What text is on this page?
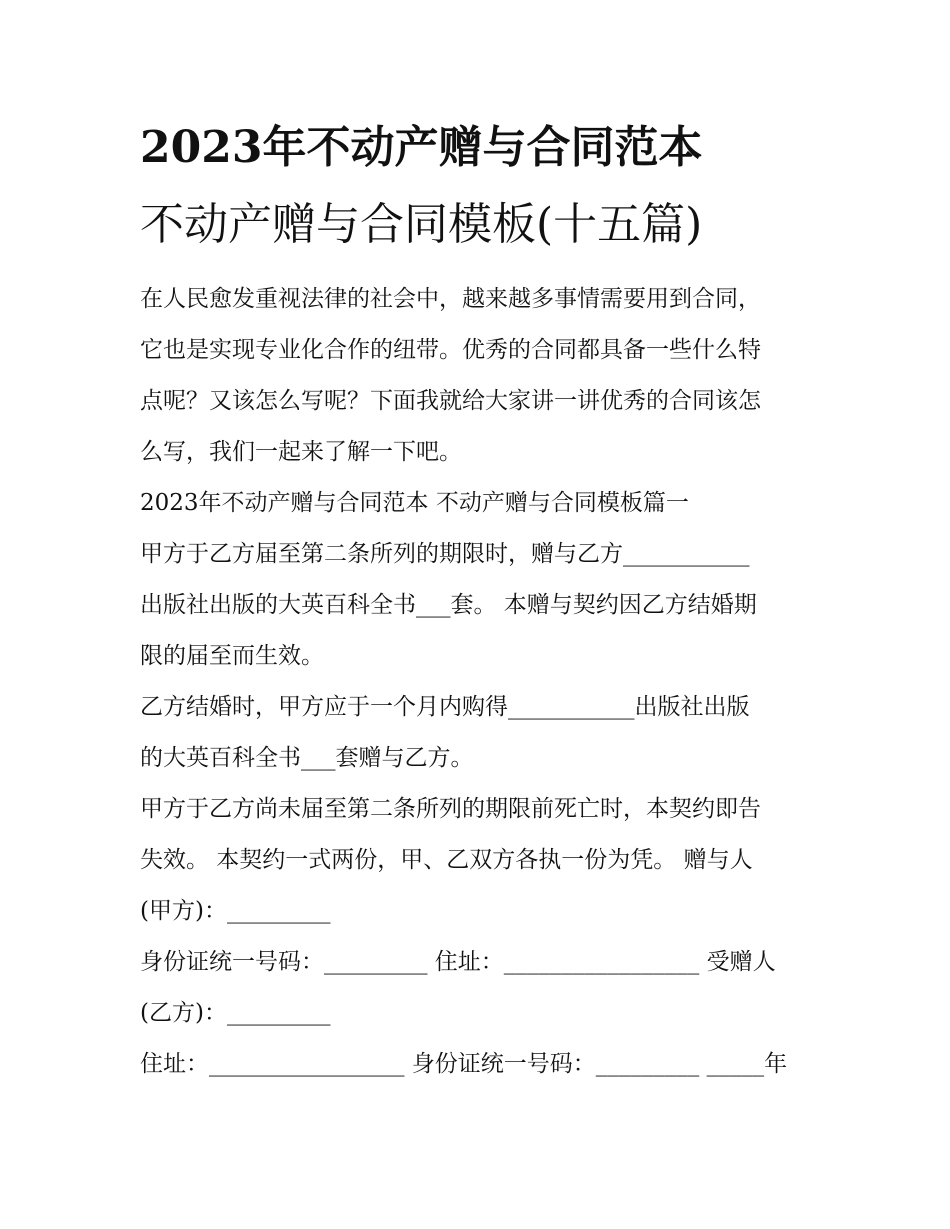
2023年不动产赠与合同范本
不动产赠与合同模板(十五篇)

在人民愈发重视法律的社会中，越来越多事情需要用到合同，

它也是实现专业化合作的纽带。优秀的合同都具备一些什么特

点呢？又该怎么写呢？下面我就给大家讲一讲优秀的合同该怎

么写，我们一起来了解一下吧。

2023年不动产赠与合同范本 不动产赠与合同模板篇一

甲方于乙方届至第二条所列的期限时，赠与乙方___________

出版社出版的大英百科全书___套。 本赠与契约因乙方结婚期

限的届至而生效。

乙方结婚时，甲方应于一个月内购得___________出版社出版

的大英百科全书___套赠与乙方。

甲方于乙方尚未届至第二条所列的期限前死亡时，本契约即告

失效。 本契约一式两份，甲、乙双方各执一份为凭。 赠与人

(甲方)：_________

身份证统一号码：_________ 住址：_________________ 受赠人

(乙方)：_________

住址：_________________ 身份证统一号码：_________ _____年
